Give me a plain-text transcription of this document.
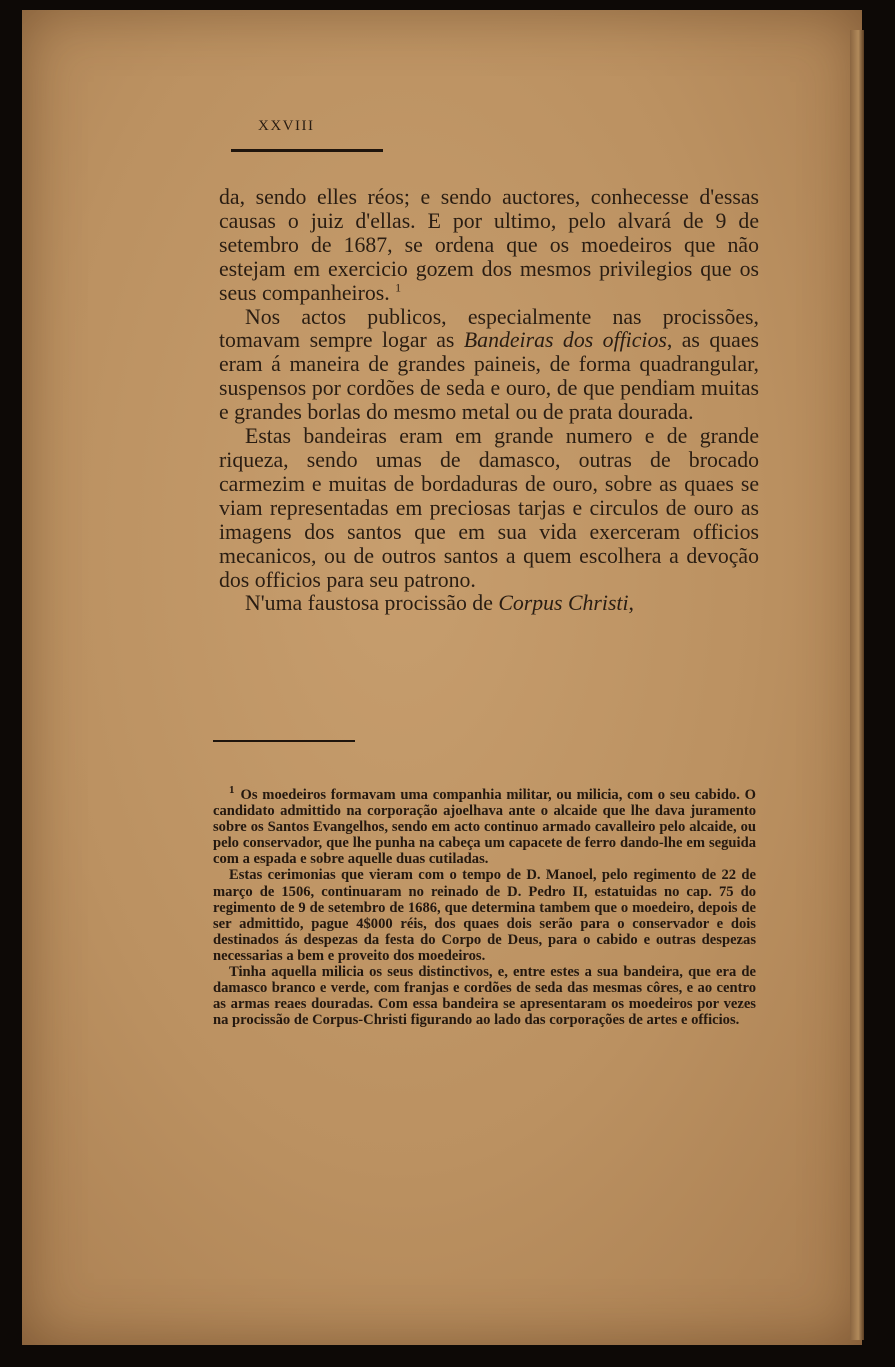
XXVIII

da, sendo elles réos; e sendo auctores, conhecesse d'essas causas o juiz d'ellas. E por ultimo, pelo alvará de 9 de setembro de 1687, se ordena que os moedeiros que não estejam em exercicio gozem dos mesmos privilegios que os seus companheiros. $^1$

Nos actos publicos, especialmente nas procissões, tomavam sempre logar as Bandeiras dos officios, as quaes eram á maneira de grandes paineis, de forma quadrangular, suspensos por cordões de seda e ouro, de que pendiam muitas e grandes borlas do mesmo metal ou de prata dourada.

Estas bandeiras eram em grande numero e de grande riqueza, sendo umas de damasco, outras de brocado carmezim e muitas de bordaduras de ouro, sobre as quaes se viam representadas em preciosas tarjas e circulos de ouro as imagens dos santos que em sua vida exerceram officios mecanicos, ou de outros santos a quem escolhera a devoção dos officios para seu patrono.

N'uma faustosa procissão de Corpus Christi,

$^1$ Os moedeiros formavam uma companhia militar, ou milicia, com o seu cabido. O candidato admittido na corporação ajoelhava ante o alcaide que lhe dava juramento sobre os Santos Evangelhos, sendo em acto continuo armado cavalleiro pelo alcaide, ou pelo conservador, que lhe punha na cabeça um capacete de ferro dando-lhe em seguida com a espada e sobre aquelle duas cutiladas.

Estas cerimonias que vieram com o tempo de D. Manoel, pelo regimento de 22 de março de 1506, continuaram no reinado de D. Pedro II, estatuidas no cap. 75 do regimento de 9 de setembro de 1686, que determina tambem que o moedeiro, depois de ser admittido, pague 4$000 réis, dos quaes dois serão para o conservador e dois destinados ás despezas da festa do Corpo de Deus, para o cabido e outras despezas necessarias a bem e proveito dos moedeiros.

Tinha aquella milicia os seus distinctivos, e, entre estes a sua bandeira, que era de damasco branco e verde, com franjas e cordões de seda das mesmas côres, e ao centro as armas reaes douradas. Com essa bandeira se apresentaram os moedeiros por vezes na procissão de Corpus-Christi figurando ao lado das corporações de artes e officios.
